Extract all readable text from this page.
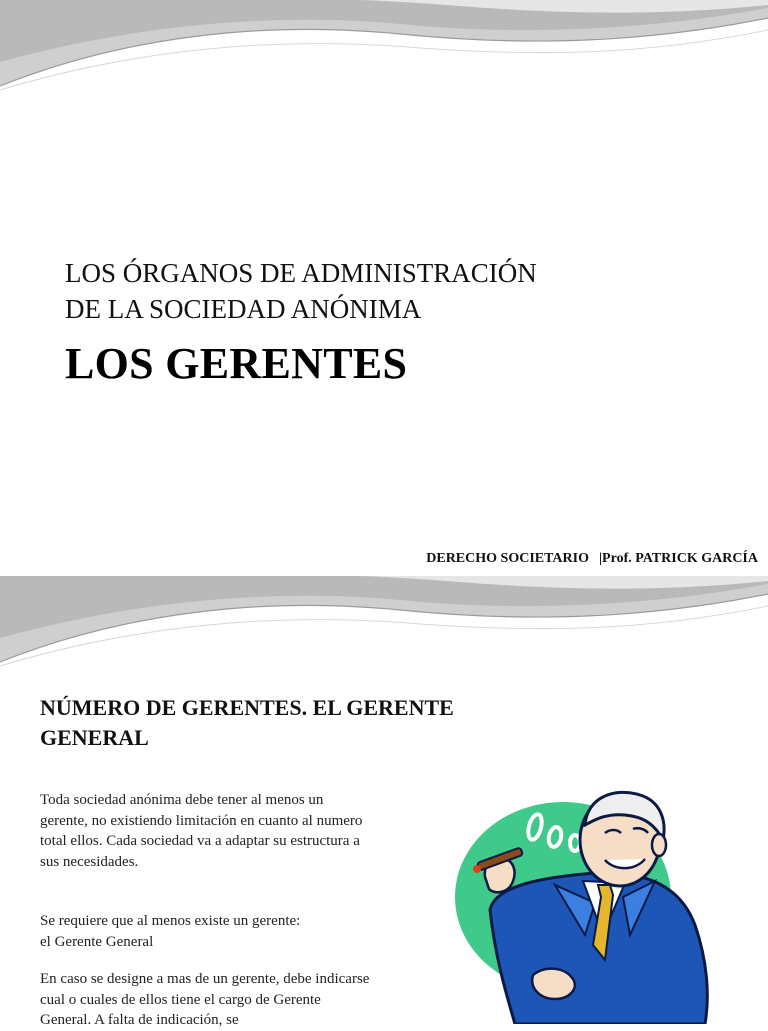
LOS ÓRGANOS DE ADMINISTRACIÓN
DE LA SOCIEDAD ANÓNIMA
LOS GERENTES
DERECHO SOCIETARIO |Prof. PATRICK GARCÍA
NÚMERO DE GERENTES. EL GERENTE
GENERAL
Toda sociedad anónima debe tener al menos un gerente, no existiendo limitación en cuanto al numero total ellos. Cada sociedad va a adaptar su estructura a sus necesidades.
Se requiere que al menos existe un gerente:
el Gerente General
En caso se designe a mas de un gerente, debe indicarse cual o cuales de ellos tiene el cargo de Gerente General. A falta de indicación, se
